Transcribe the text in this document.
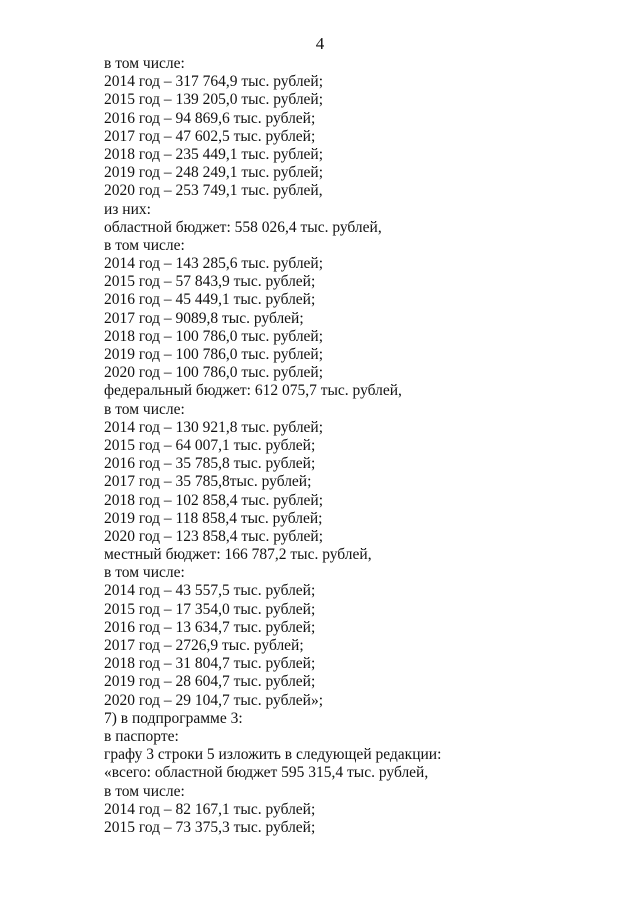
4
в том числе:
2014 год – 317 764,9 тыс. рублей;
2015 год – 139 205,0 тыс. рублей;
2016 год – 94 869,6 тыс. рублей;
2017 год – 47 602,5 тыс. рублей;
2018 год – 235 449,1 тыс. рублей;
2019 год – 248 249,1 тыс. рублей;
2020 год – 253 749,1 тыс. рублей,
из них:
областной бюджет: 558 026,4 тыс. рублей,
в том числе:
2014 год – 143 285,6 тыс. рублей;
2015 год – 57 843,9 тыс. рублей;
2016 год – 45 449,1 тыс. рублей;
2017 год – 9089,8 тыс. рублей;
2018 год – 100 786,0 тыс. рублей;
2019 год – 100 786,0 тыс. рублей;
2020 год – 100 786,0 тыс. рублей;
федеральный бюджет: 612 075,7 тыс. рублей,
в том числе:
2014 год – 130 921,8 тыс. рублей;
2015 год – 64 007,1 тыс. рублей;
2016 год – 35 785,8 тыс. рублей;
2017 год – 35 785,8тыс. рублей;
2018 год – 102 858,4 тыс. рублей;
2019 год – 118 858,4 тыс. рублей;
2020 год – 123 858,4 тыс. рублей;
местный бюджет: 166 787,2 тыс. рублей,
в том числе:
2014 год – 43 557,5 тыс. рублей;
2015 год – 17 354,0 тыс. рублей;
2016 год – 13 634,7 тыс. рублей;
2017 год – 2726,9 тыс. рублей;
2018 год – 31 804,7 тыс. рублей;
2019 год – 28 604,7 тыс. рублей;
2020 год – 29 104,7 тыс. рублей»;
7) в подпрограмме 3:
в паспорте:
графу 3 строки 5 изложить в следующей редакции:
«всего: областной бюджет 595 315,4 тыс. рублей,
в том числе:
2014 год – 82 167,1 тыс. рублей;
2015 год – 73 375,3 тыс. рублей;
